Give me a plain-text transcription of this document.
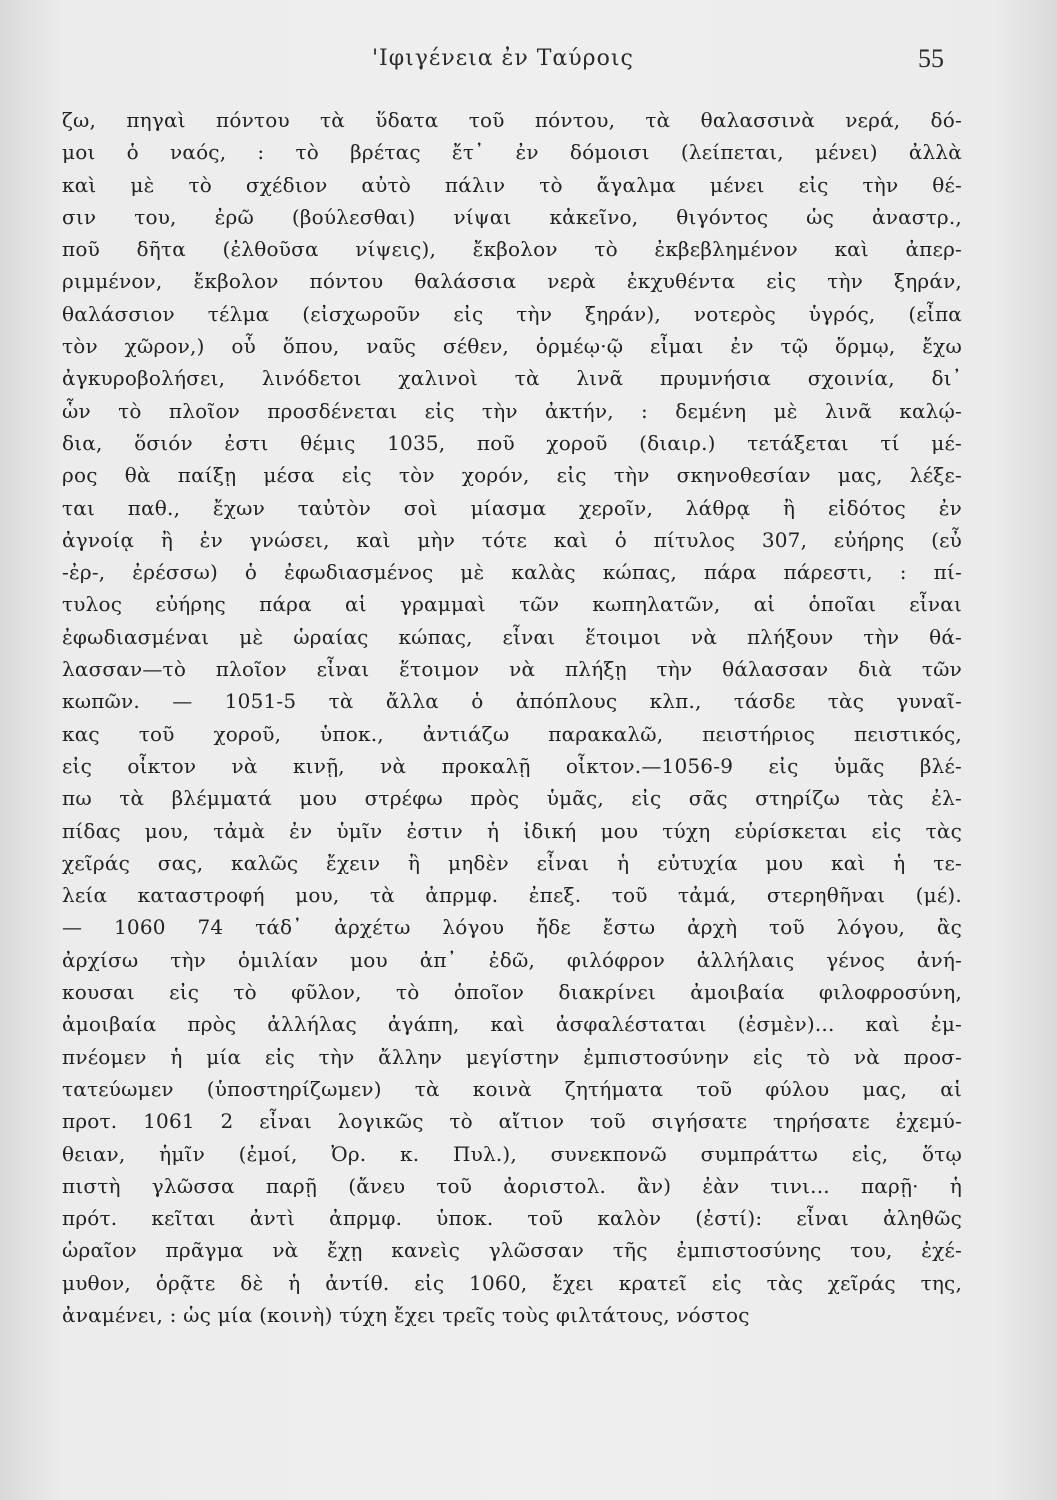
'Ιφιγένεια ἐν Ταύροις	55
ζω, πηγαὶ πόντου τὰ ὕδατα τοῦ πόντου, τὰ θαλασσινὰ νερά, δό-
μοι ὁ ναός, : τὸ βρέτας ἔτ᾽ ἐν δόμοισι (λείπεται, μένει) ἀλλὰ
καὶ μὲ τὸ σχέδιον αὐτὸ πάλιν τὸ ἄγαλμα μένει εἰς τὴν θέ-
σιν του, ἐρῶ (βούλεσθαι) νίψαι κἀκεῖνο, θιγόντος ὡς ἀναστρ.,
ποῦ δῆτα (ἐλθοῦσα νίψεις), ἔκβολον τὸ ἐκβεβλημένον καὶ ἀπερ-
ριμμένον, ἔκβολον πόντου θαλάσσια νερὰ ἐκχυθέντα εἰς τὴν ξηράν,
θαλάσσιον τέλμα (εἰσχωροῦν εἰς τὴν ξηράν), νοτερὸς ὑγρός, (εἶπα
τὸν χῶρον,) οὗ ὅπου, ναῦς σέθεν, ὁρμέῳ·ῷ εἶμαι ἐν τῷ ὅρμῳ, ἔχω
ἀγκυροβολήσει, λινόδετοι χαλινοὶ τὰ λινᾶ πρυμνήσια σχοινία, δι᾽
ὧν τὸ πλοῖον προσδένεται εἰς τὴν ἀκτήν, : δεμένη μὲ λινᾶ καλῴ-
δια, ὅσιόν ἐστι θέμις 1035, ποῦ χοροῦ (διαιρ.) τετάξεται τί μέ-
ρος θὰ παίξῃ μέσα εἰς τὸν χορόν, εἰς τὴν σκηνοθεσίαν μας, λέξε-
ται παθ., ἔχων ταὐτὸν σοὶ μίασμα χεροῖν, λάθρᾳ ἢ εἰδότος ἐν
ἀγνοίᾳ ἢ ἐν γνώσει, καὶ μὴν τότε καὶ ὁ πίτυλος 307, εὐήρης (εὖ
-ἐρ-, ἐρέσσω) ὁ ἐφωδιασμένος μὲ καλὰς κώπας, πάρα πάρεστι, : πί-
τυλος εὐήρης πάρα αἱ γραμμαὶ τῶν κωπηλατῶν, αἱ ὁποῖαι εἶναι
ἐφωδιασμέναι μὲ ὡραίας κώπας, εἶναι ἕτοιμοι νὰ πλήξουν τὴν θά-
λασσαν—τὸ πλοῖον εἶναι ἕτοιμον νὰ πλήξῃ τὴν θάλασσαν διὰ τῶν
κωπῶν. — 1051-5 τὰ ἄλλα ὁ ἀπόπλους κλπ., τάσδε τὰς γυναῖ-
κας τοῦ χοροῦ, ὑποκ., ἀντιάζω παρακαλῶ, πειστήριος πειστικός,
εἰς οἶκτον νὰ κινῇ, νὰ προκαλῇ οἶκτον.—1056-9 εἰς ὑμᾶς βλέ-
πω τὰ βλέμματά μου στρέφω πρὸς ὑμᾶς, εἰς σᾶς στηρίζω τὰς ἐλ-
πίδας μου, τἀμὰ ἐν ὑμῖν ἐστιν ἡ ἰδική μου τύχη εὑρίσκεται εἰς τὰς
χεῖράς σας, καλῶς ἔχειν ἢ μηδὲν εἶναι ἡ εὐτυχία μου καὶ ἡ τε-
λεία καταστροφή μου, τὰ ἀπρμφ. ἐπεξ. τοῦ τἀμά, στερηθῆναι (μέ).
— 1060 74 τάδ᾽ ἀρχέτω λόγου ἤδε ἔστω ἀρχὴ τοῦ λόγου, ἂς
ἀρχίσω τὴν ὁμιλίαν μου ἀπ᾽ ἐδῶ, φιλόφρον ἀλλήλαις γένος ἀνή-
κουσαι εἰς τὸ φῦλον, τὸ ὁποῖον διακρίνει ἀμοιβαία φιλοφροσύνη,
ἀμοιβαία πρὸς ἀλλήλας ἀγάπη, καὶ ἀσφαλέσταται (ἐσμὲν)... καὶ ἐμ-
πνέομεν ἡ μία εἰς τὴν ἄλλην μεγίστην ἐμπιστοσύνην εἰς τὸ νὰ προσ-
τατεύωμεν (ὑποστηρίζωμεν) τὰ κοινὰ ζητήματα τοῦ φύλου μας, αἱ
προτ. 1061 2 εἶναι λογικῶς τὸ αἴτιον τοῦ σιγήσατε τηρήσατε ἐχεμύ-
θειαν, ἡμῖν (ἐμοί, Ὀρ. κ. Πυλ.), συνεκπονῶ συμπράττω εἰς, ὅτῳ
πιστὴ γλῶσσα παρῇ (ἄνευ τοῦ ἀοριστολ. ἂν) ἐὰν τινι... παρῇ· ἡ
πρότ. κεῖται ἀντὶ ἀπρμφ. ὑποκ. τοῦ καλὸν (ἐστί): εἶναι ἀληθῶς
ὡραῖον πρᾶγμα νὰ ἔχῃ κανεὶς γλῶσσαν τῆς ἐμπιστοσύνης του, ἐχέ-
μυθον, ὁρᾷτε δὲ ἡ ἀντίθ. εἰς 1060, ἔχει κρατεῖ εἰς τὰς χεῖράς της,
ἀναμένει, : ὡς μία (κοινὴ) τύχη ἔχει τρεῖς τοὺς φιλτάτους, νόστος
